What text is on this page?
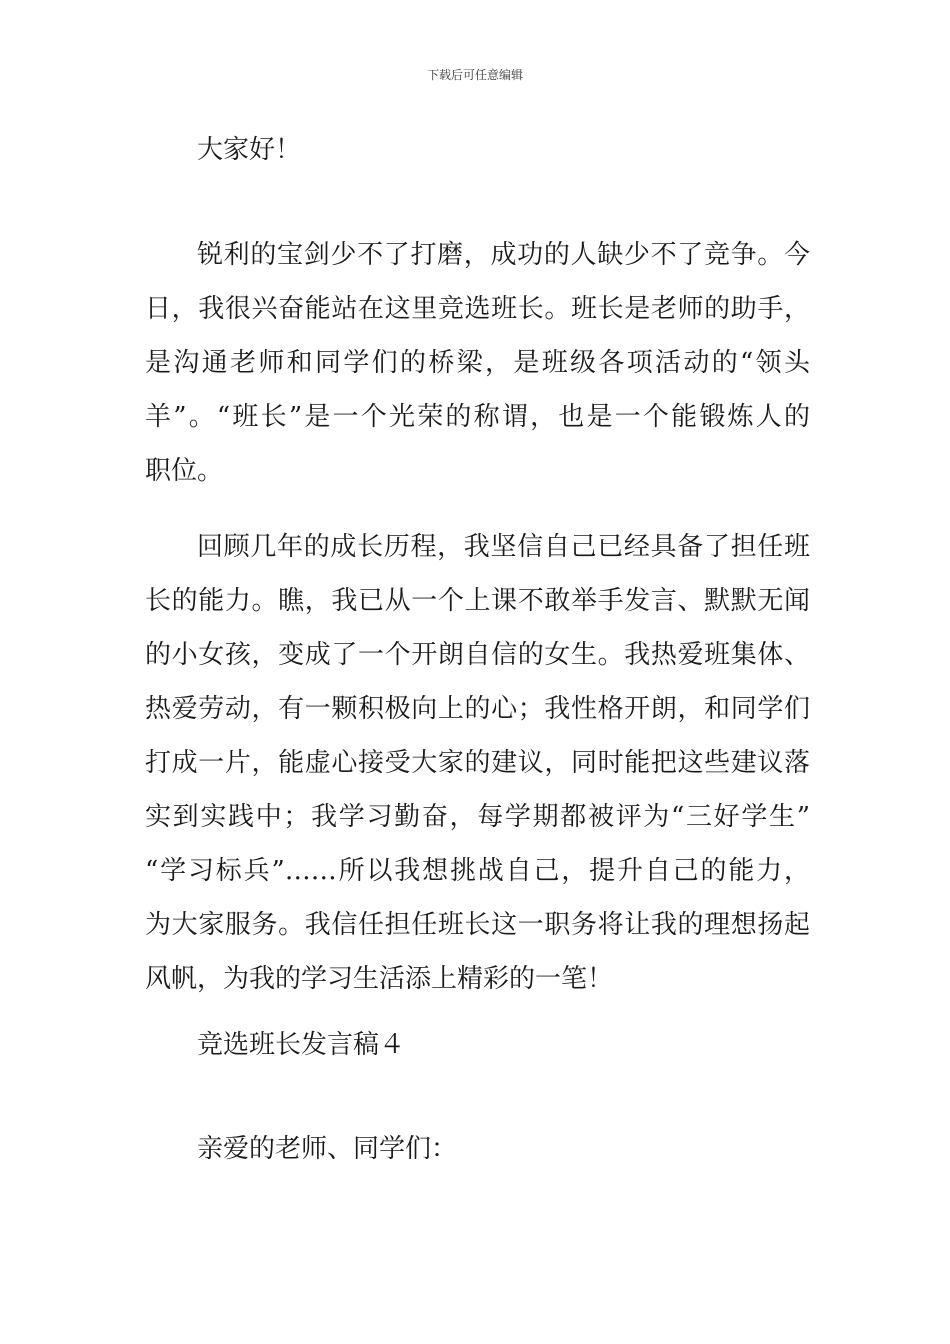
下载后可任意编辑
大家好！
锐利的宝剑少不了打磨，成功的人缺少不了竞争。今
日，我很兴奋能站在这里竞选班长。班长是老师的助手，
是沟通老师和同学们的桥梁，是班级各项活动的“领头
羊”。“班长”是一个光荣的称谓，也是一个能锻炼人的
职位。
回顾几年的成长历程，我坚信自己已经具备了担任班
长的能力。瞧，我已从一个上课不敢举手发言、默默无闻
的小女孩，变成了一个开朗自信的女生。我热爱班集体、
热爱劳动，有一颗积极向上的心；我性格开朗，和同学们
打成一片，能虚心接受大家的建议，同时能把这些建议落
实到实践中；我学习勤奋，每学期都被评为“三好学生”
“学习标兵”……所以我想挑战自己，提升自己的能力，
为大家服务。我信任担任班长这一职务将让我的理想扬起
风帆，为我的学习生活添上精彩的一笔！
竞选班长发言稿４
亲爱的老师、同学们：
